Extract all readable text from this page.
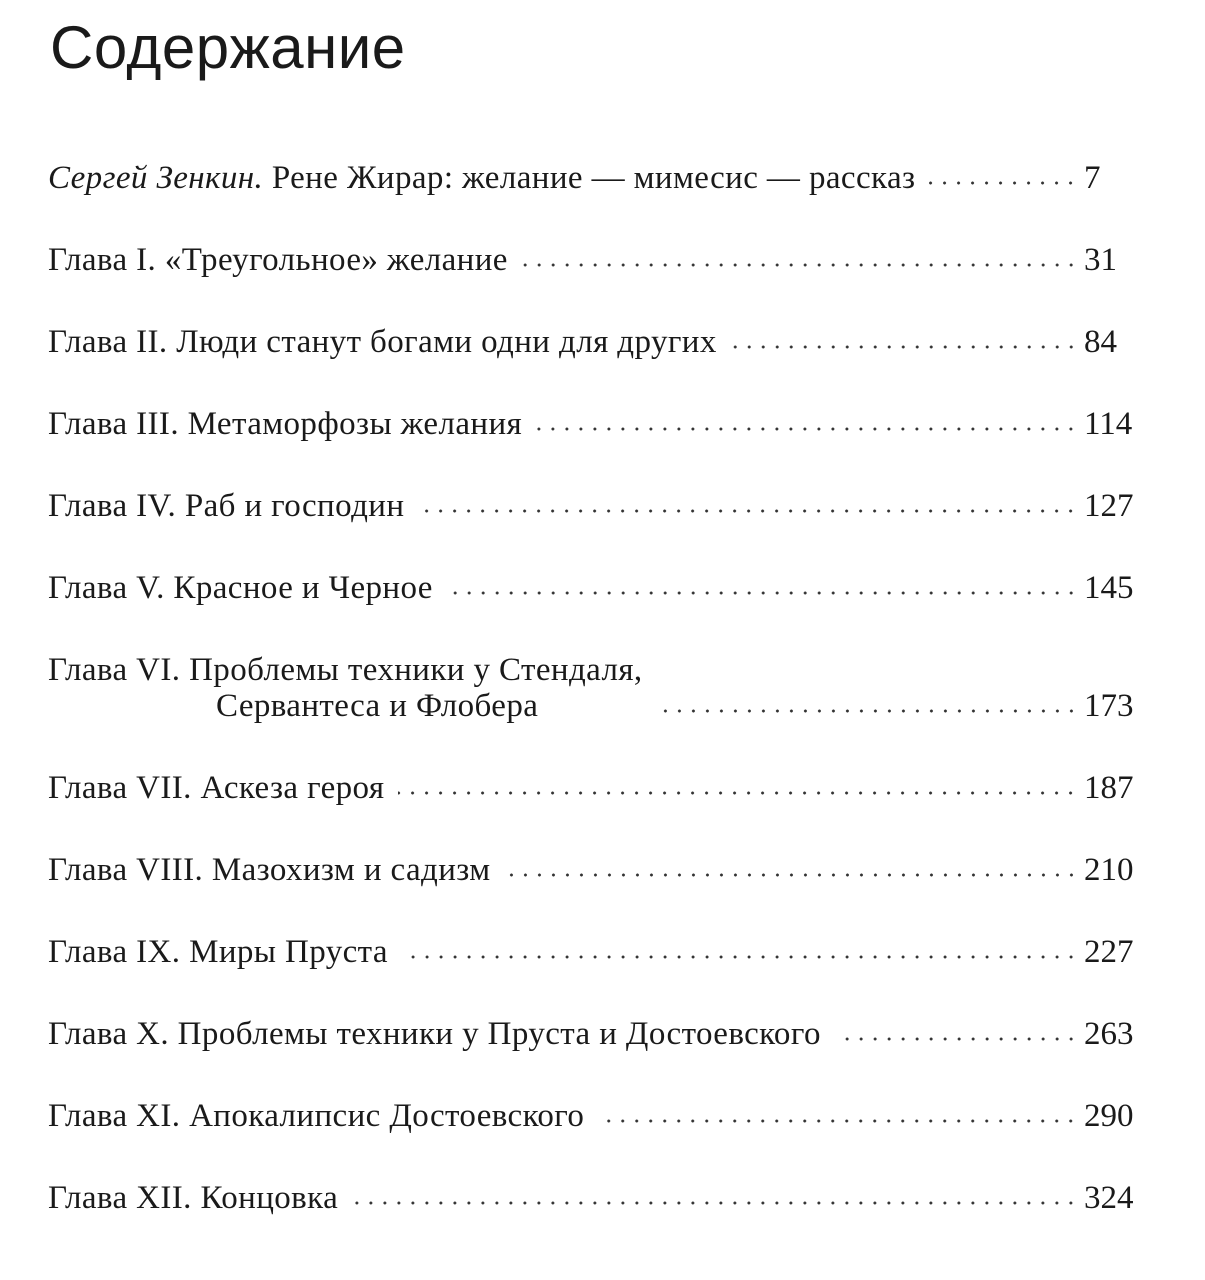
Содержание
Сергей Зенкин. Рене Жирар: желание — мимесис — рассказ	7
Глава I. «Треугольное» желание	31
Глава II. Люди станут богами одни для других	84
Глава III. Метаморфозы желания	114
Глава IV. Раб и господин	127
Глава V. Красное и Черное	145
Глава VI. Проблемы техники у Стендаля,
Сервантеса и Флобера	173
Глава VII. Аскеза героя	187
Глава VIII. Мазохизм и садизм	210
Глава IX. Миры Пруста	227
Глава X. Проблемы техники у Пруста и Достоевского	263
Глава XI. Апокалипсис Достоевского	290
Глава XII. Концовка	324
